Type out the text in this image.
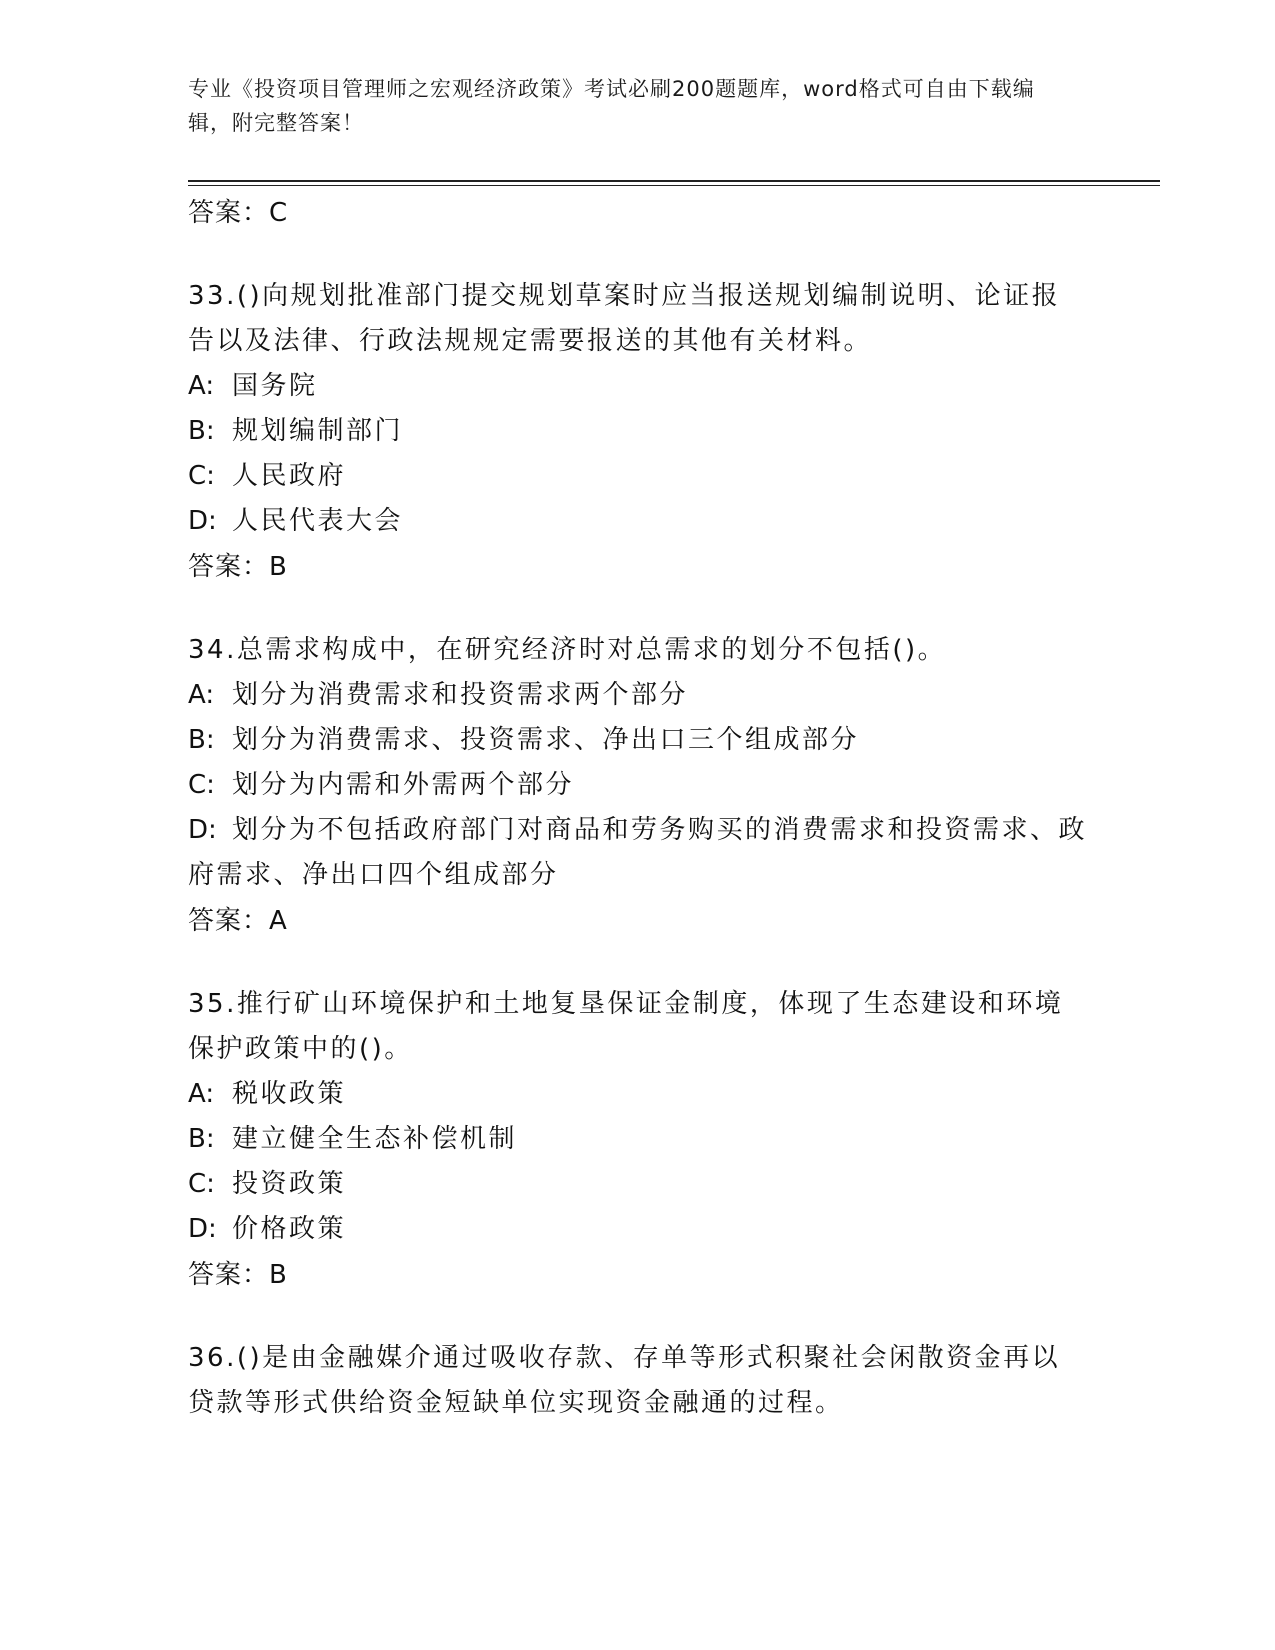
专业《投资项目管理师之宏观经济政策》考试必刷200题题库，word格式可自由下载编辑，附完整答案！

答案：C

33.()向规划批准部门提交规划草案时应当报送规划编制说明、论证报告以及法律、行政法规规定需要报送的其他有关材料。

A: 国务院

B: 规划编制部门

C: 人民政府

D: 人民代表大会

答案：B

34.总需求构成中，在研究经济时对总需求的划分不包括()。

A: 划分为消费需求和投资需求两个部分

B: 划分为消费需求、投资需求、净出口三个组成部分

C: 划分为内需和外需两个部分

D: 划分为不包括政府部门对商品和劳务购买的消费需求和投资需求、政府需求、净出口四个组成部分

答案：A

35.推行矿山环境保护和土地复垦保证金制度，体现了生态建设和环境保护政策中的()。

A: 税收政策

B: 建立健全生态补偿机制

C: 投资政策

D: 价格政策

答案：B

36.()是由金融媒介通过吸收存款、存单等形式积聚社会闲散资金再以贷款等形式供给资金短缺单位实现资金融通的过程。
